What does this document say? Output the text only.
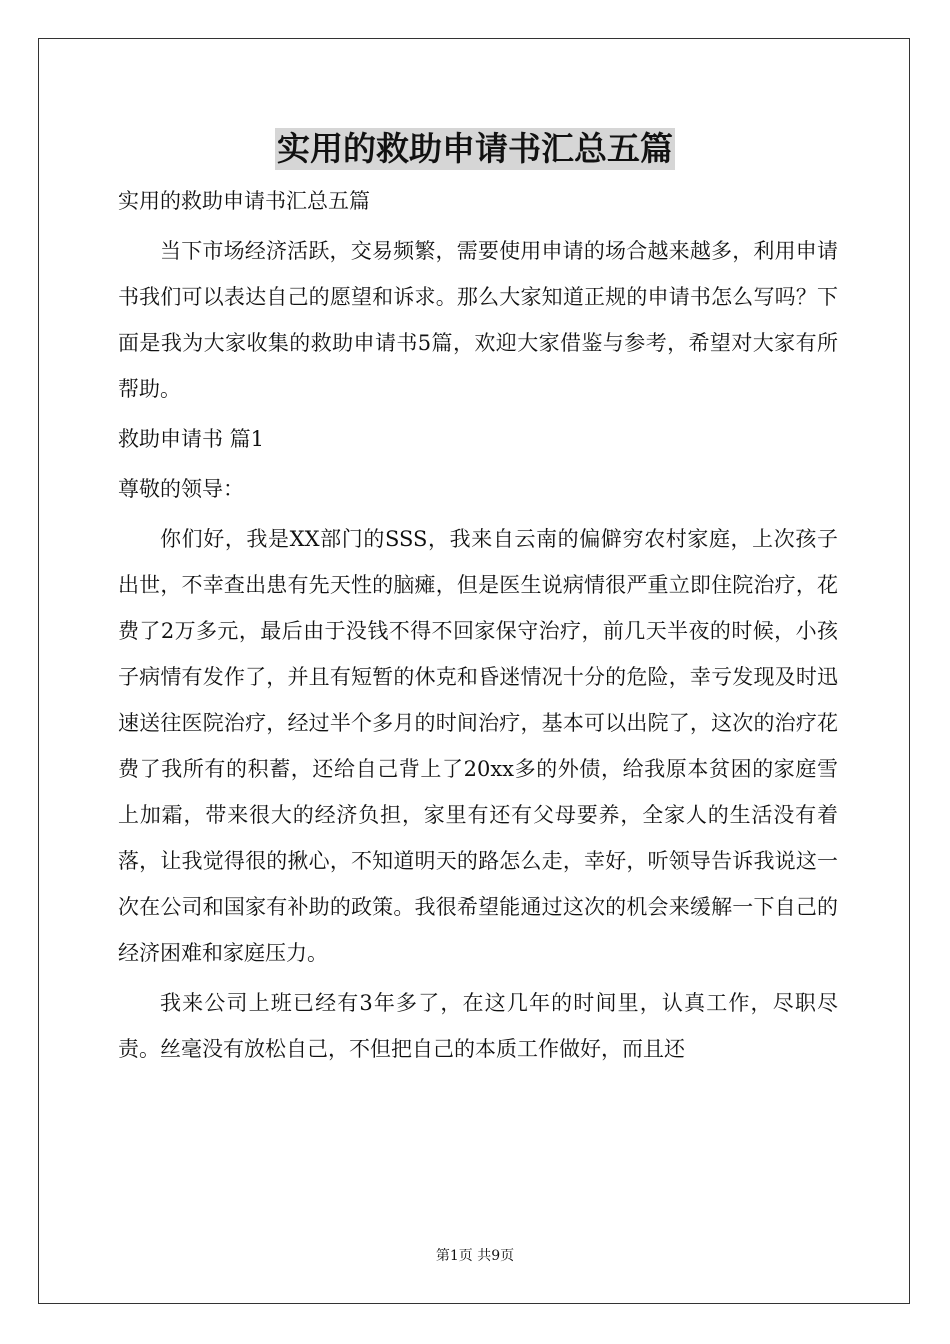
实用的救助申请书汇总五篇

实用的救助申请书汇总五篇

当下市场经济活跃，交易频繁，需要使用申请的场合越来越多，利用申请书我们可以表达自己的愿望和诉求。那么大家知道正规的申请书怎么写吗？下面是我为大家收集的救助申请书5篇，欢迎大家借鉴与参考，希望对大家有所帮助。

救助申请书 篇1

尊敬的领导：

你们好，我是XX部门的SSS，我来自云南的偏僻穷农村家庭，上次孩子出世，不幸查出患有先天性的脑瘫，但是医生说病情很严重立即住院治疗，花费了2万多元，最后由于没钱不得不回家保守治疗，前几天半夜的时候，小孩子病情有发作了，并且有短暂的休克和昏迷情况十分的危险，幸亏发现及时迅速送往医院治疗，经过半个多月的时间治疗，基本可以出院了，这次的治疗花费了我所有的积蓄，还给自己背上了20xx多的外债，给我原本贫困的家庭雪上加霜，带来很大的经济负担，家里有还有父母要养，全家人的生活没有着落，让我觉得很的揪心，不知道明天的路怎么走，幸好，听领导告诉我说这一次在公司和国家有补助的政策。我很希望能通过这次的机会来缓解一下自己的经济困难和家庭压力。

我来公司上班已经有3年多了，在这几年的时间里，认真工作，尽职尽责。丝毫没有放松自己，不但把自己的本质工作做好，而且还

第1页 共9页
